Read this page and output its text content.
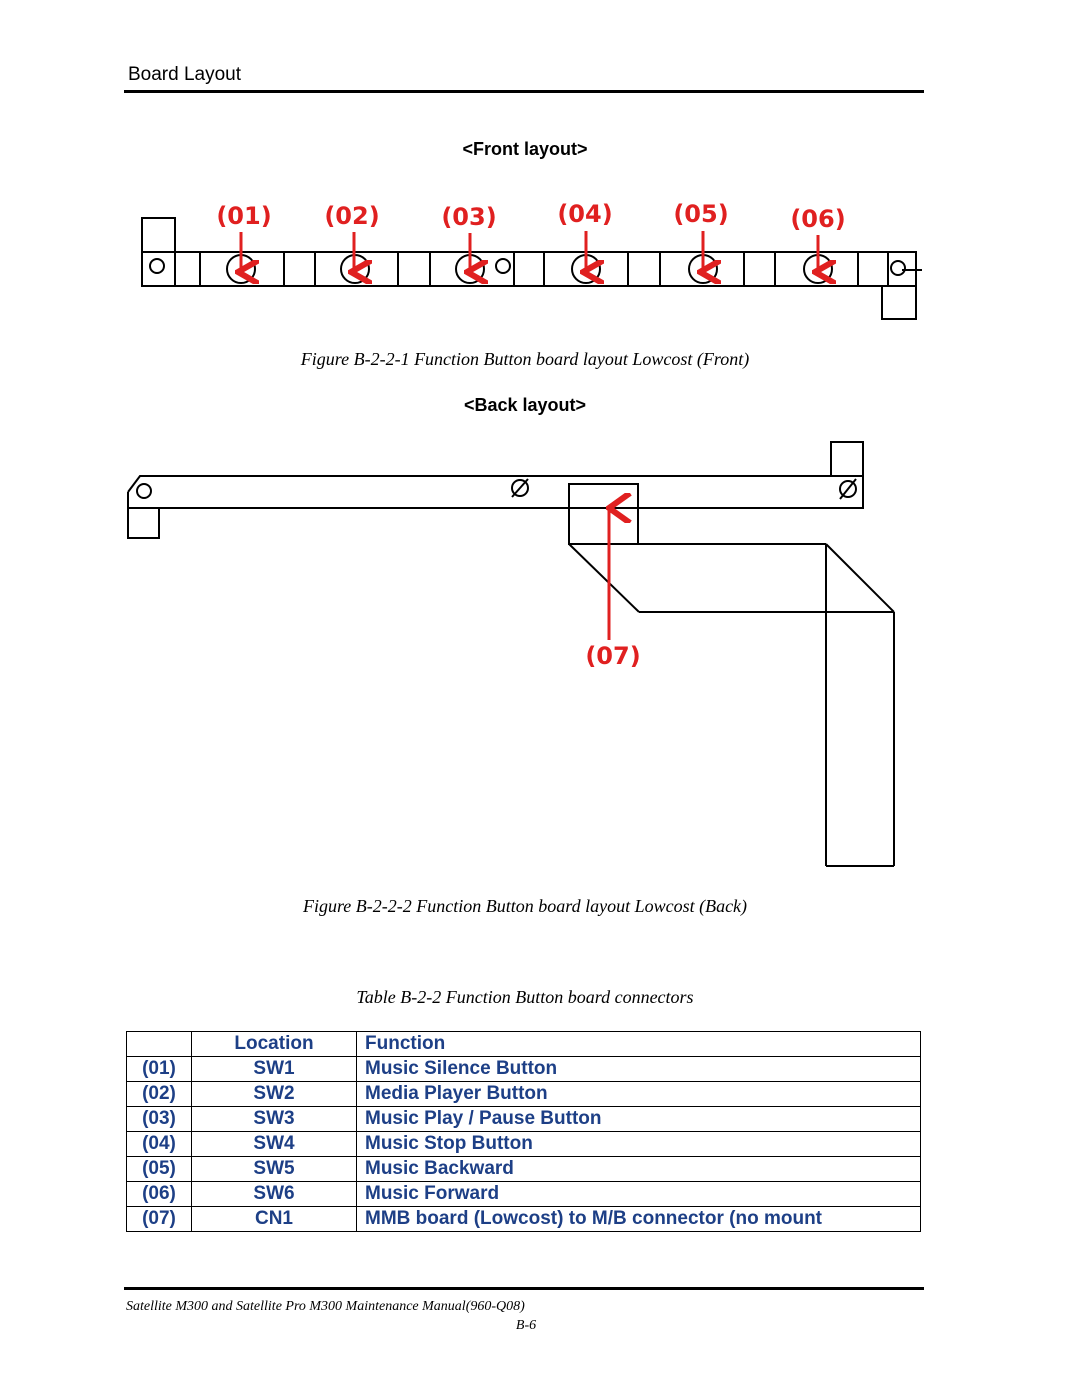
Board Layout
<Front layout>
(01) (02)	(03)	(04)	(05)	(06)
Figure B-2-2-1 Function Button board layout Lowcost (Front)
<Back layout>
(07)
Figure B-2-2-2 Function Button board layout Lowcost (Back)
Table B-2-2 Function Button board connectors
	Location	Function
(01)	SW1	Music Silence Button
(02)	SW2	Media Player Button
(03)	SW3	Music Play / Pause Button
(04)	SW4	Music Stop Button
(05)	SW5	Music Backward
(06)	SW6	Music Forward
(07)	CN1	MMB board (Lowcost) to M/B connector (no mount
Satellite M300 and Satellite Pro M300 Maintenance Manual(960-Q08)
B-6
